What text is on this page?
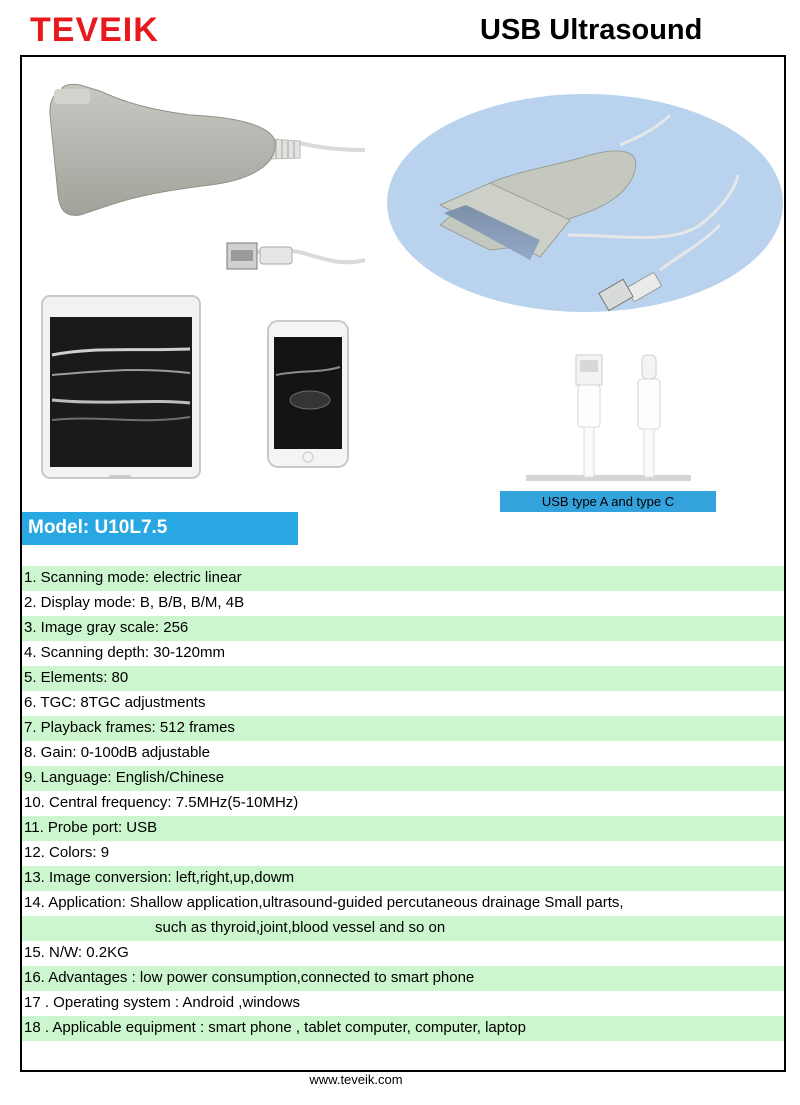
TEVEIK	USB Ultrasound
USB type A and type C
Model: U10L7.5
1. Scanning mode: electric linear
2. Display mode: B, B/B, B/M, 4B
3. Image gray scale: 256
4. Scanning depth: 30-120mm
5. Elements: 80
6. TGC: 8TGC adjustments
7. Playback frames: 512 frames
8. Gain: 0-100dB adjustable
9. Language: English/Chinese
10. Central frequency: 7.5MHz(5-10MHz)
11. Probe port: USB
12. Colors: 9
13. Image conversion: left,right,up,dowm
14. Application: Shallow application,ultrasound-guided percutaneous drainage Small parts,
such as thyroid,joint,blood vessel and so on
15. N/W: 0.2KG
16. Advantages : low power consumption,connected to smart phone
17 . Operating system : Android ,windows
18 . Applicable equipment : smart phone , tablet computer, computer, laptop
www.teveik.com
